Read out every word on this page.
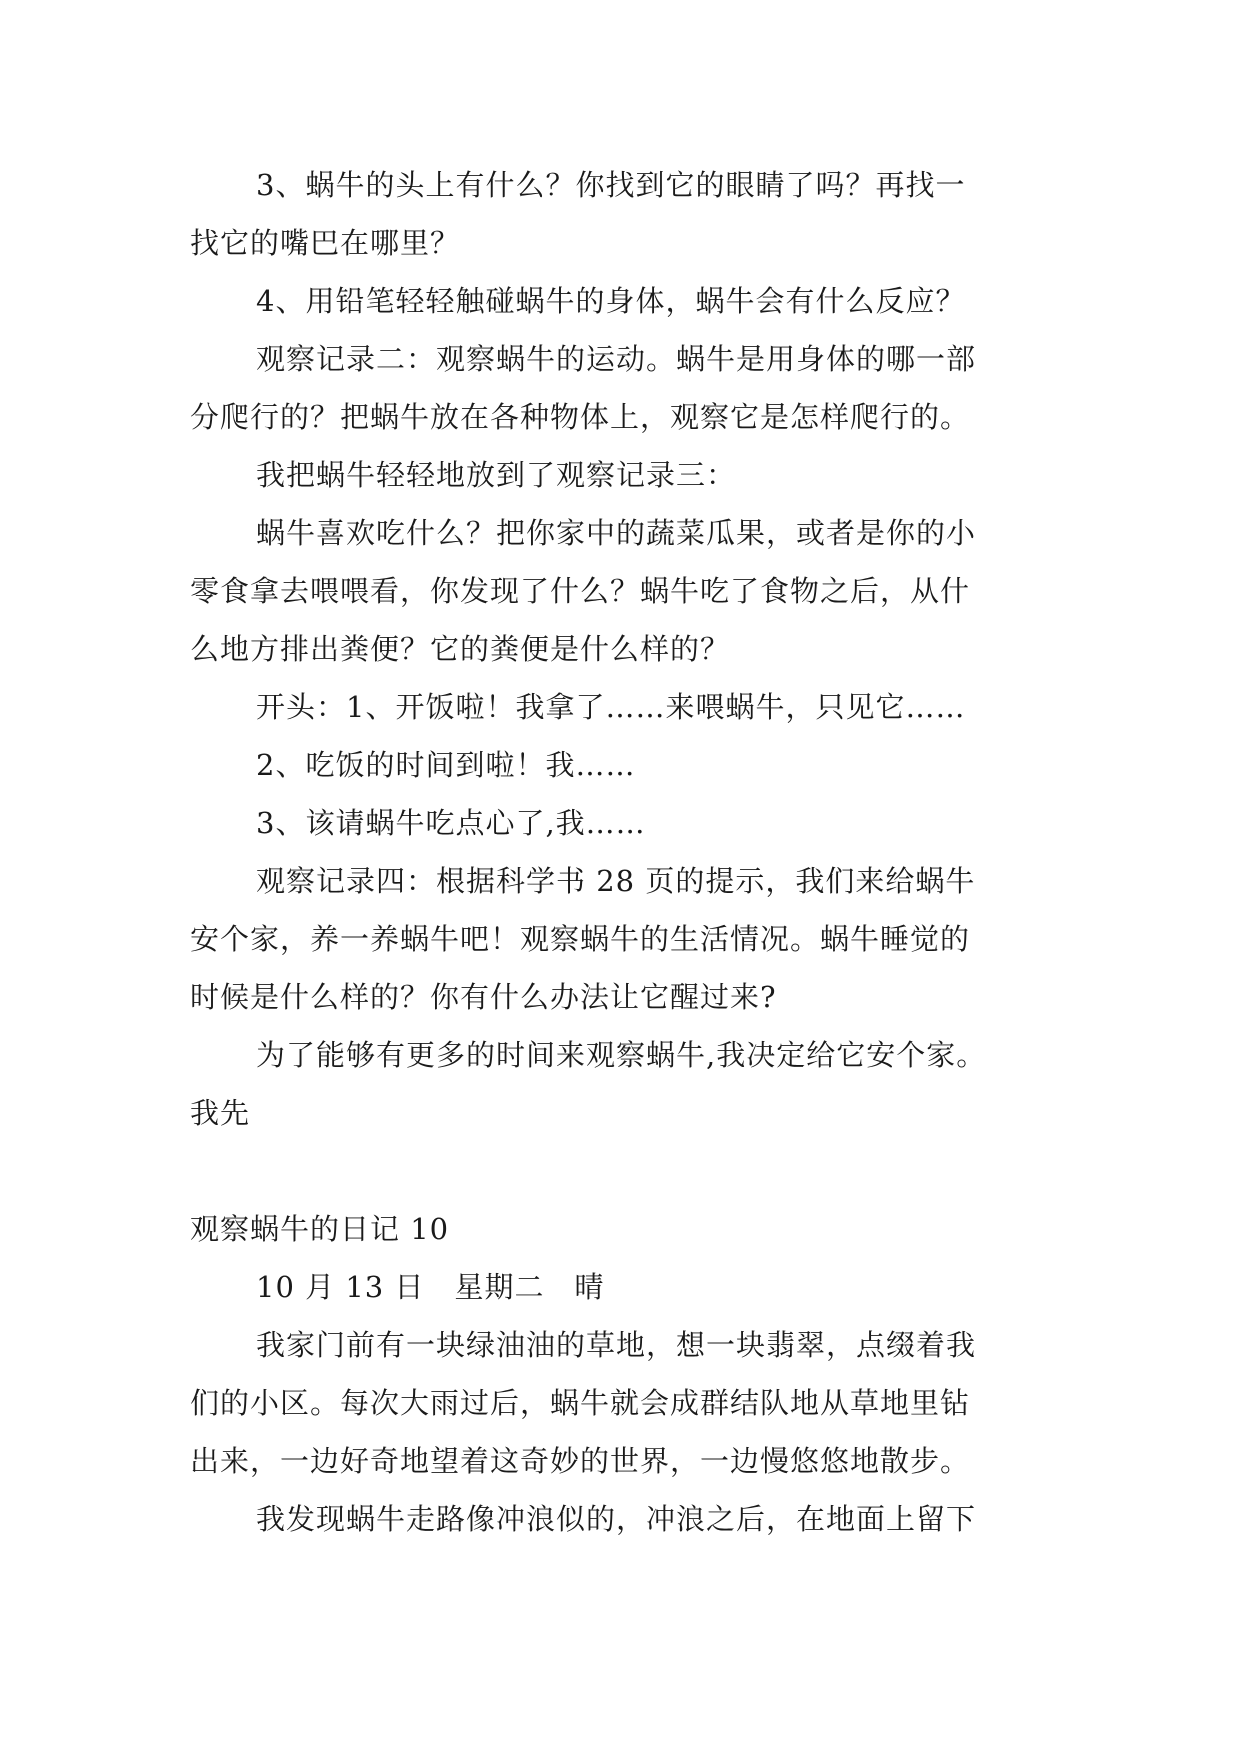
3、蜗牛的头上有什么？你找到它的眼睛了吗？再找一
找它的嘴巴在哪里？
4、用铅笔轻轻触碰蜗牛的身体，蜗牛会有什么反应？
观察记录二：观察蜗牛的运动。蜗牛是用身体的哪一部
分爬行的？把蜗牛放在各种物体上，观察它是怎样爬行的。
我把蜗牛轻轻地放到了观察记录三：
蜗牛喜欢吃什么？把你家中的蔬菜瓜果，或者是你的小
零食拿去喂喂看，你发现了什么？蜗牛吃了食物之后，从什
么地方排出粪便？它的粪便是什么样的？
开头：1、开饭啦！我拿了……来喂蜗牛，只见它……
2、吃饭的时间到啦！我……
3、该请蜗牛吃点心了,我……
观察记录四：根据科学书 28 页的提示，我们来给蜗牛
安个家，养一养蜗牛吧！观察蜗牛的生活情况。蜗牛睡觉的
时候是什么样的？你有什么办法让它醒过来?
为了能够有更多的时间来观察蜗牛,我决定给它安个家。
我先
观察蜗牛的日记 10
10 月 13 日　星期二　晴
我家门前有一块绿油油的草地，想一块翡翠，点缀着我
们的小区。每次大雨过后，蜗牛就会成群结队地从草地里钻
出来，一边好奇地望着这奇妙的世界，一边慢悠悠地散步。
我发现蜗牛走路像冲浪似的，冲浪之后，在地面上留下
